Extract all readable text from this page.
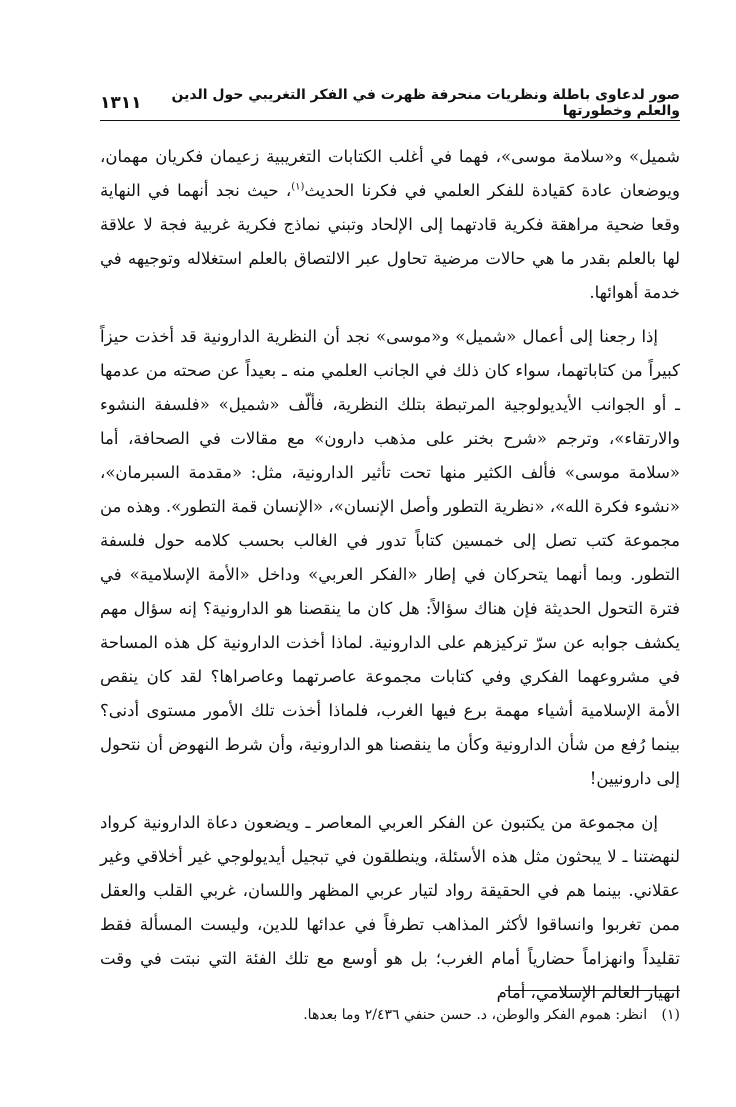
صور لدعاوى باطلة ونظريات منحرفة ظهرت في الفكر التغريبي حول الدين والعلم وخطورتها
١٣١١

شميل» و«سلامة موسى»، فهما في أغلب الكتابات التغريبية زعيمان فكريان مهمان، ويوضعان عادة كقيادة للفكر العلمي في فكرنا الحديث$^{(١)}$، حيث نجد أنهما في النهاية وقعا ضحية مراهقة فكرية قادتهما إلى الإلحاد وتبني نماذج فكرية غربية فجة لا علاقة لها بالعلم بقدر ما هي حالات مرضية تحاول عبر الالتصاق بالعلم استغلاله وتوجيهه في خدمة أهوائها.

إذا رجعنا إلى أعمال «شميل» و«موسى» نجد أن النظرية الدارونية قد أخذت حيزاً كبيراً من كتاباتهما، سواء كان ذلك في الجانب العلمي منه ـ بعيداً عن صحته من عدمها ـ أو الجوانب الأيديولوجية المرتبطة بتلك النظرية، فألّف «شميل» «فلسفة النشوء والارتقاء»، وترجم «شرح بخنر على مذهب دارون» مع مقالات في الصحافة، أما «سلامة موسى» فألف الكثير منها تحت تأثير الدارونية، مثل: «مقدمة السبرمان»، «نشوء فكرة الله»، «نظرية التطور وأصل الإنسان»، «الإنسان قمة التطور». وهذه من مجموعة كتب تصل إلى خمسين كتاباً تدور في الغالب بحسب كلامه حول فلسفة التطور. وبما أنهما يتحركان في إطار «الفكر العربي» وداخل «الأمة الإسلامية» في فترة التحول الحديثة فإن هناك سؤالاً: هل كان ما ينقصنا هو الدارونية؟ إنه سؤال مهم يكشف جوابه عن سرّ تركيزهم على الدارونية. لماذا أخذت الدارونية كل هذه المساحة في مشروعهما الفكري وفي كتابات مجموعة عاصرتهما وعاصراها؟ لقد كان ينقص الأمة الإسلامية أشياء مهمة برع فيها الغرب، فلماذا أخذت تلك الأمور مستوى أدنى؟ بينما رُفع من شأن الدارونية وكأن ما ينقصنا هو الدارونية، وأن شرط النهوض أن نتحول إلى دارونيين!

إن مجموعة من يكتبون عن الفكر العربي المعاصر ـ ويضعون دعاة الدارونية كرواد لنهضتنا ـ لا يبحثون مثل هذه الأسئلة، وينطلقون في تبجيل أيديولوجي غير أخلاقي وغير عقلاني. بينما هم في الحقيقة رواد لتيار عربي المظهر واللسان، غربي القلب والعقل ممن تغربوا وانساقوا لأكثر المذاهب تطرفاً في عدائها للدين، وليست المسألة فقط تقليداً وانهزاماً حضارياً أمام الغرب؛ بل هو أوسع مع تلك الفئة التي نبتت في وقت انهيار العالم الإسلامي، أمام

(١) انظر: هموم الفكر والوطن، د. حسن حنفي ٢/٤٣٦ وما بعدها.
